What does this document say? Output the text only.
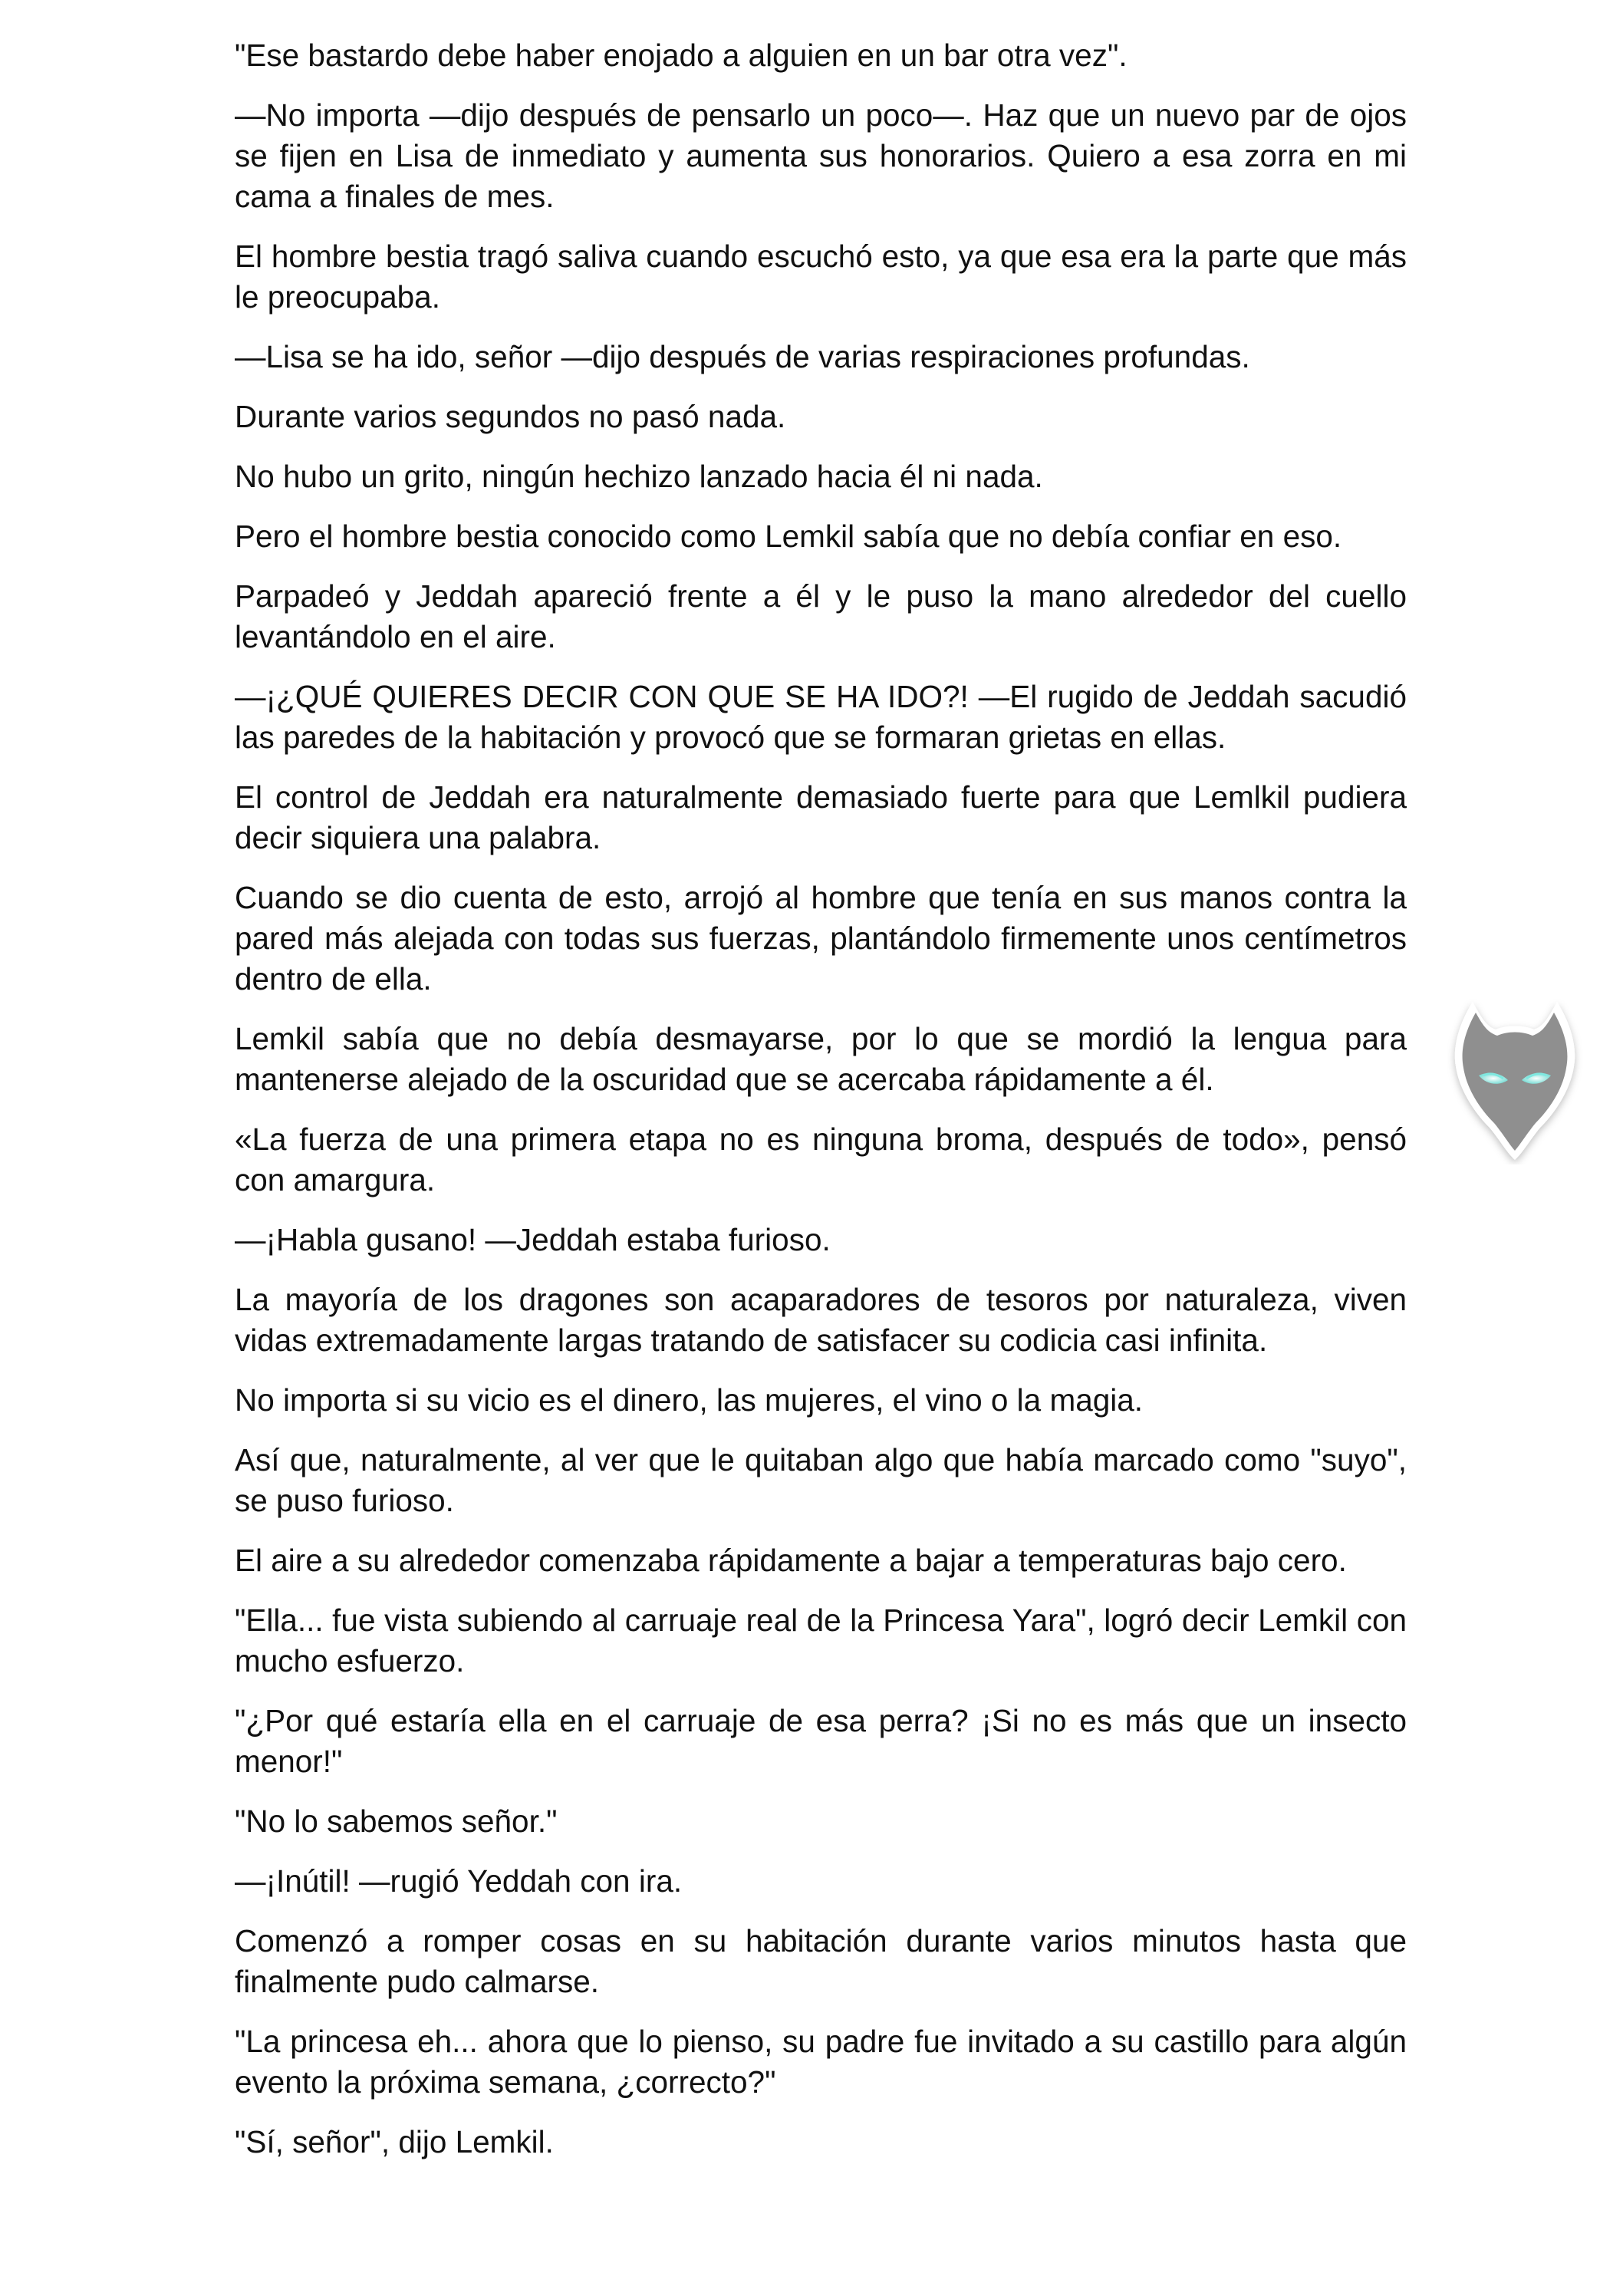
"Ese bastardo debe haber enojado a alguien en un bar otra vez".

—No importa —dijo después de pensarlo un poco—. Haz que un nuevo par de ojos se fijen en Lisa de inmediato y aumenta sus honorarios. Quiero a esa zorra en mi cama a finales de mes.

El hombre bestia tragó saliva cuando escuchó esto, ya que esa era la parte que más le preocupaba.

—Lisa se ha ido, señor —dijo después de varias respiraciones profundas.

Durante varios segundos no pasó nada.

No hubo un grito, ningún hechizo lanzado hacia él ni nada.

Pero el hombre bestia conocido como Lemkil sabía que no debía confiar en eso.

Parpadeó y Jeddah apareció frente a él y le puso la mano alrededor del cuello levantándolo en el aire.

—¡¿QUÉ QUIERES DECIR CON QUE SE HA IDO?! —El rugido de Jeddah sacudió las paredes de la habitación y provocó que se formaran grietas en ellas.

El control de Jeddah era naturalmente demasiado fuerte para que Lemlkil pudiera decir siquiera una palabra.

Cuando se dio cuenta de esto, arrojó al hombre que tenía en sus manos contra la pared más alejada con todas sus fuerzas, plantándolo firmemente unos centímetros dentro de ella.

Lemkil sabía que no debía desmayarse, por lo que se mordió la lengua para mantenerse alejado de la oscuridad que se acercaba rápidamente a él.

«La fuerza de una primera etapa no es ninguna broma, después de todo», pensó con amargura.

—¡Habla gusano! —Jeddah estaba furioso.

La mayoría de los dragones son acaparadores de tesoros por naturaleza, viven vidas extremadamente largas tratando de satisfacer su codicia casi infinita.

No importa si su vicio es el dinero, las mujeres, el vino o la magia.

Así que, naturalmente, al ver que le quitaban algo que había marcado como "suyo", se puso furioso.

El aire a su alrededor comenzaba rápidamente a bajar a temperaturas bajo cero.

"Ella... fue vista subiendo al carruaje real de la Princesa Yara", logró decir Lemkil con mucho esfuerzo.

"¿Por qué estaría ella en el carruaje de esa perra? ¡Si no es más que un insecto menor!"

"No lo sabemos señor."

—¡Inútil! —rugió Yeddah con ira.

Comenzó a romper cosas en su habitación durante varios minutos hasta que finalmente pudo calmarse.

"La princesa eh... ahora que lo pienso, su padre fue invitado a su castillo para algún evento la próxima semana, ¿correcto?"

"Sí, señor", dijo Lemkil.
